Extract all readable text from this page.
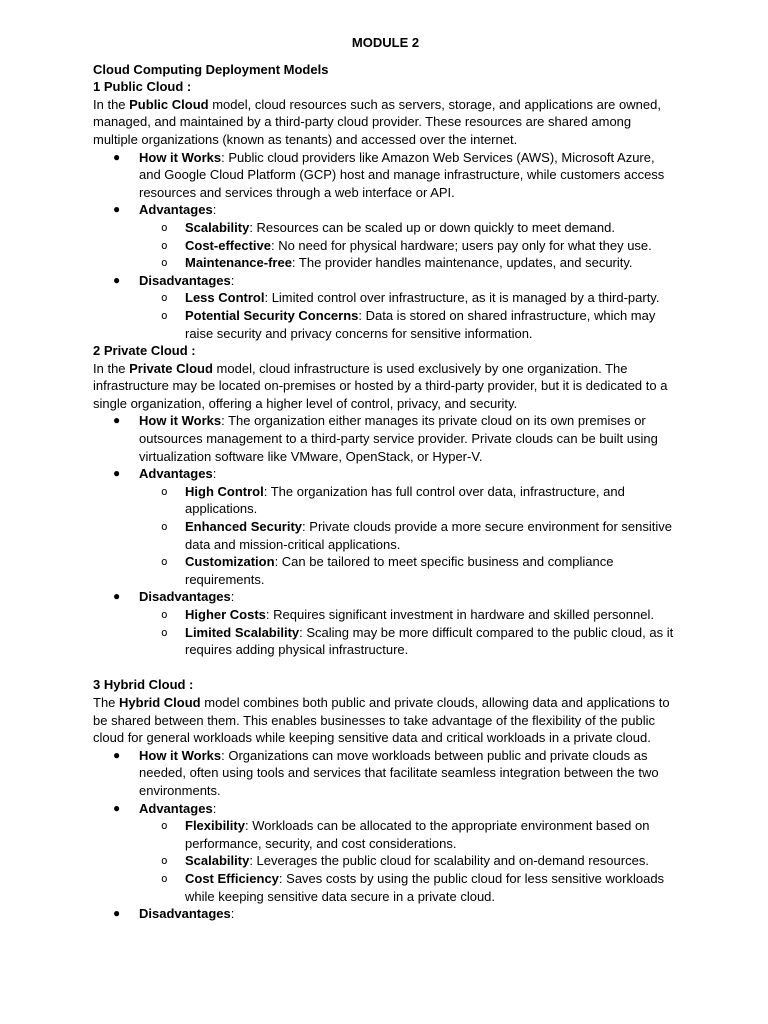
MODULE 2

Cloud Computing Deployment Models

1 Public Cloud :

In the Public Cloud model, cloud resources such as servers, storage, and applications are owned, managed, and maintained by a third-party cloud provider. These resources are shared among multiple organizations (known as tenants) and accessed over the internet.

● How it Works: Public cloud providers like Amazon Web Services (AWS), Microsoft Azure, and Google Cloud Platform (GCP) host and manage infrastructure, while customers access resources and services through a web interface or API.
● Advantages:
o Scalability: Resources can be scaled up or down quickly to meet demand.
o Cost-effective: No need for physical hardware; users pay only for what they use.
o Maintenance-free: The provider handles maintenance, updates, and security.
● Disadvantages:
o Less Control: Limited control over infrastructure, as it is managed by a third-party.
o Potential Security Concerns: Data is stored on shared infrastructure, which may raise security and privacy concerns for sensitive information.

2 Private Cloud :

In the Private Cloud model, cloud infrastructure is used exclusively by one organization. The infrastructure may be located on-premises or hosted by a third-party provider, but it is dedicated to a single organization, offering a higher level of control, privacy, and security.

● How it Works: The organization either manages its private cloud on its own premises or outsources management to a third-party service provider. Private clouds can be built using virtualization software like VMware, OpenStack, or Hyper-V.
● Advantages:
o High Control: The organization has full control over data, infrastructure, and applications.
o Enhanced Security: Private clouds provide a more secure environment for sensitive data and mission-critical applications.
o Customization: Can be tailored to meet specific business and compliance requirements.
● Disadvantages:
o Higher Costs: Requires significant investment in hardware and skilled personnel.
o Limited Scalability: Scaling may be more difficult compared to the public cloud, as it requires adding physical infrastructure.

3 Hybrid Cloud :

The Hybrid Cloud model combines both public and private clouds, allowing data and applications to be shared between them. This enables businesses to take advantage of the flexibility of the public cloud for general workloads while keeping sensitive data and critical workloads in a private cloud.

● How it Works: Organizations can move workloads between public and private clouds as needed, often using tools and services that facilitate seamless integration between the two environments.
● Advantages:
o Flexibility: Workloads can be allocated to the appropriate environment based on performance, security, and cost considerations.
o Scalability: Leverages the public cloud for scalability and on-demand resources.
o Cost Efficiency: Saves costs by using the public cloud for less sensitive workloads while keeping sensitive data secure in a private cloud.
● Disadvantages:
